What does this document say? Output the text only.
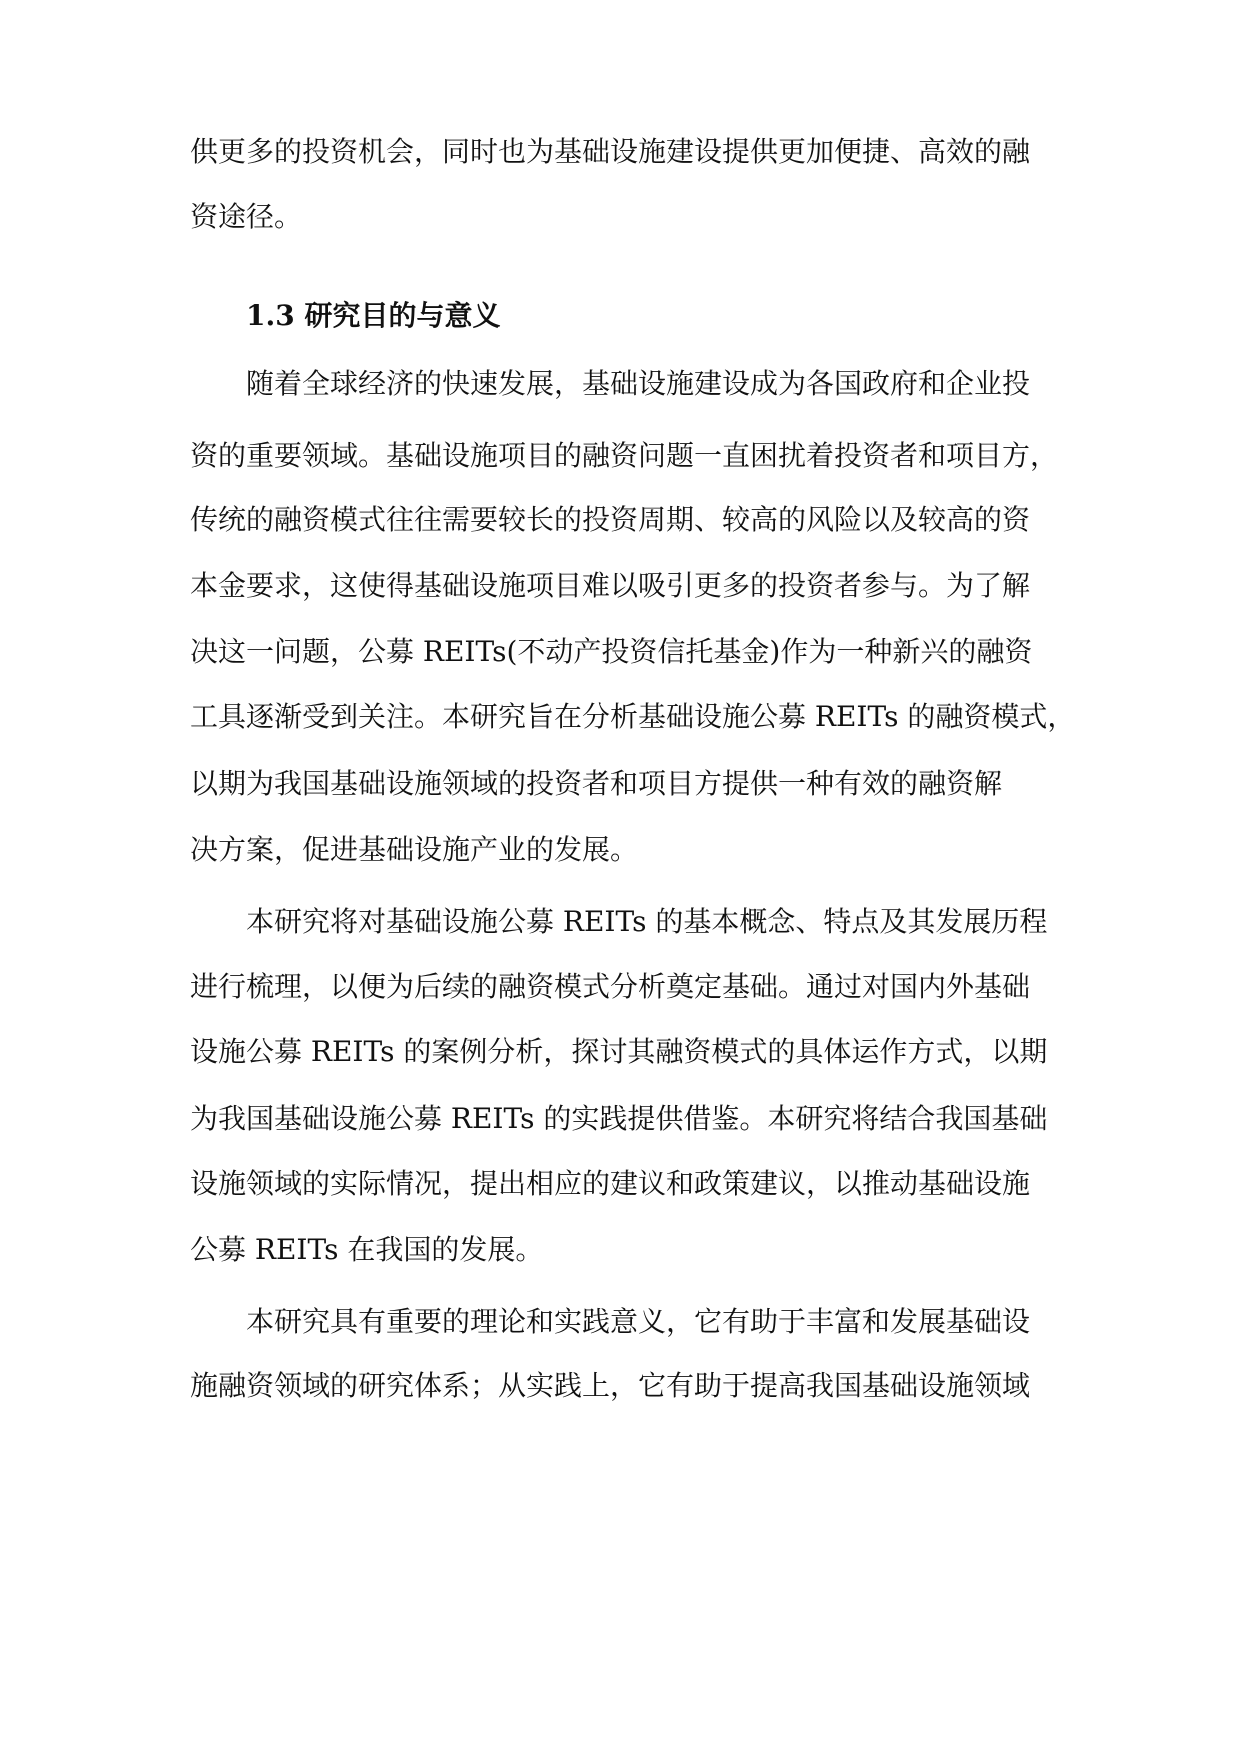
供更多的投资机会，同时也为基础设施建设提供更加便捷、高效的融
资途径。
1.3 研究目的与意义
随着全球经济的快速发展，基础设施建设成为各国政府和企业投
资的重要领域。基础设施项目的融资问题一直困扰着投资者和项目方，
传统的融资模式往往需要较长的投资周期、较高的风险以及较高的资
本金要求，这使得基础设施项目难以吸引更多的投资者参与。为了解
决这一问题，公募 REITs(不动产投资信托基金)作为一种新兴的融资
工具逐渐受到关注。本研究旨在分析基础设施公募 REITs 的融资模式，
以期为我国基础设施领域的投资者和项目方提供一种有效的融资解
决方案，促进基础设施产业的发展。
本研究将对基础设施公募 REITs 的基本概念、特点及其发展历程
进行梳理，以便为后续的融资模式分析奠定基础。通过对国内外基础
设施公募 REITs 的案例分析，探讨其融资模式的具体运作方式，以期
为我国基础设施公募 REITs 的实践提供借鉴。本研究将结合我国基础
设施领域的实际情况，提出相应的建议和政策建议，以推动基础设施
公募 REITs 在我国的发展。
本研究具有重要的理论和实践意义，它有助于丰富和发展基础设
施融资领域的研究体系；从实践上，它有助于提高我国基础设施领域
